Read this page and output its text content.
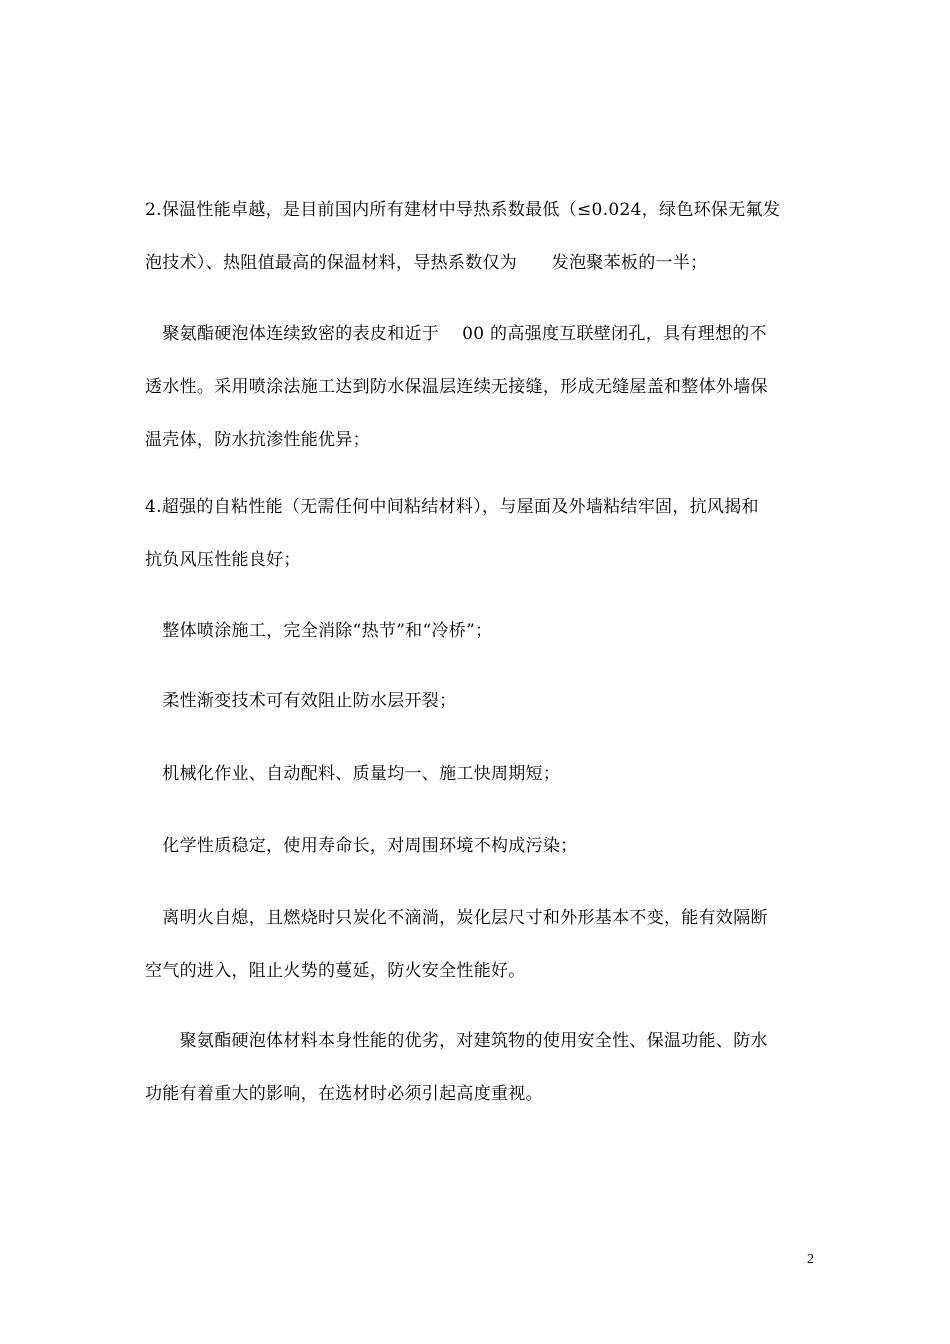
2.保温性能卓越，是目前国内所有建材中导热系数最低（≤0.024，绿色环保无氟发
泡技术）、热阻值最高的保温材料，导热系数仅为　　发泡聚苯板的一半；
　聚氨酯硬泡体连续致密的表皮和近于　 00 的高强度互联壁闭孔，具有理想的不
透水性。采用喷涂法施工达到防水保温层连续无接缝，形成无缝屋盖和整体外墙保
温壳体，防水抗渗性能优异；
4.超强的自粘性能（无需任何中间粘结材料），与屋面及外墙粘结牢固，抗风揭和
抗负风压性能良好；
　整体喷涂施工，完全消除“热节”和“冷桥”；
　柔性渐变技术可有效阻止防水层开裂；
　机械化作业、自动配料、质量均一、施工快周期短；
　化学性质稳定，使用寿命长，对周围环境不构成污染；
　离明火自熄，且燃烧时只炭化不滴淌，炭化层尺寸和外形基本不变，能有效隔断
空气的进入，阻止火势的蔓延，防火安全性能好。
　　聚氨酯硬泡体材料本身性能的优劣，对建筑物的使用安全性、保温功能、防水
功能有着重大的影响，在选材时必须引起高度重视。
2
